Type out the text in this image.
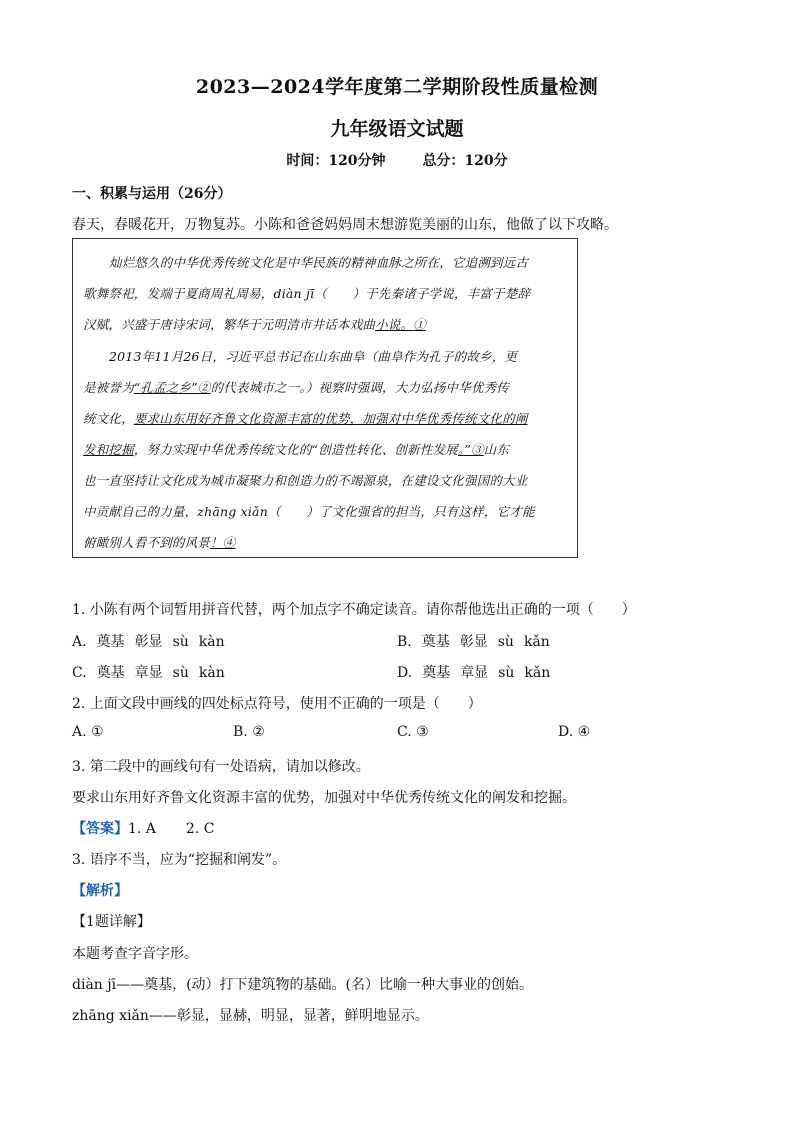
2023—2024学年度第二学期阶段性质量检测
九年级语文试题
时间：120分钟	总分：120分
一、积累与运用（26分）
春天，春暖花开，万物复苏。小陈和爸爸妈妈周末想游览美丽的山东，他做了以下攻略。
灿烂悠久的中华优秀传统文化是中华民族的精神血脉之所在，它追溯到远古
歌舞祭祀，发端于夏商周礼周易，diàn jī（　　）于先秦诸子学说，丰富于楚辞
汉赋，兴盛于唐诗宋词，繁华于元明清市井话本戏曲小说。①
2013年11月26日，习近平总书记在山东曲阜（曲阜作为孔子的故乡，更
是被誉为“孔孟之乡”②的代表城市之一。）视察时强调，大力弘扬中华优秀传
统文化，要求山东用好齐鲁文化资源丰富的优势，加强对中华优秀传统文化的阐
发和挖掘，努力实现中华优秀传统文化的“创造性转化、创新性发展。”③山东
也一直坚持让文化成为城市凝聚力和创造力的不竭源泉，在建设文化强国的大业
中贡献自己的力量，zhāng xiǎn（　　）了文化强省的担当，只有这样，它才能
俯瞰别人看不到的风景！④
1. 小陈有两个词暂用拼音代替，两个加点字不确定读音。请你帮他选出正确的一项（　　）
A. 奠基 彰显 sù kàn	B. 奠基 彰显 sù kǎn
C. 奠基 章显 sù kàn	D. 奠基 章显 sù kǎn
2. 上面文段中画线的四处标点符号，使用不正确的一项是（　　）
A. ①	B. ②	C. ③	D. ④
3. 第二段中的画线句有一处语病，请加以修改。
要求山东用好齐鲁文化资源丰富的优势，加强对中华优秀传统文化的阐发和挖掘。
【答案】1. A 2. C
3. 语序不当，应为“挖掘和阐发”。
【解析】
【1题详解】
本题考查字音字形。
diàn jī——奠基，(动）打下建筑物的基础。(名）比喻一种大事业的创始。
zhāng xiǎn——彰显，显赫，明显，显著，鲜明地显示。
